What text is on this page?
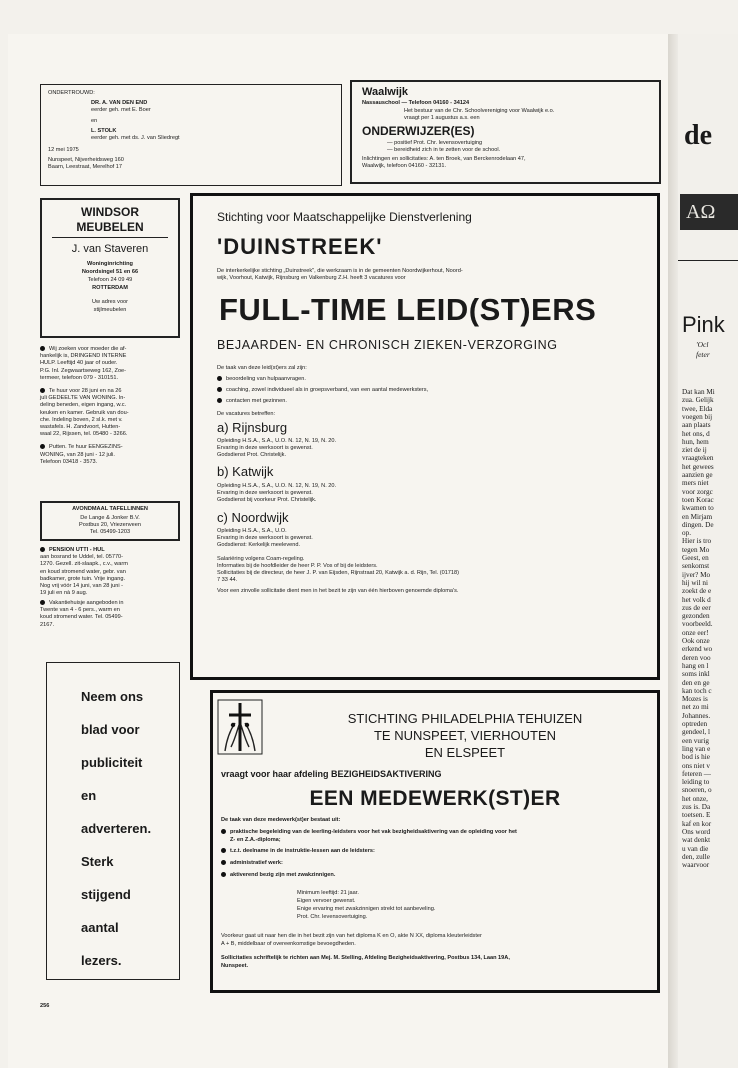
ONDERTROUWD:
DR. A. VAN DEN END
eerder geh. met E. Boer
en
L. STOLK
eerder geh. met ds. J. van Sliedregt
12 mei 1975
Nunspeet, Nijverheidsweg 160
Baarn, Leestraat, Merelhof 17
Waalwijk
Nassauschool — Telefoon 04160 - 34124
Het bestuur van de Chr. Schoolvereniging voor Waalwijk e.o.
vraagt per 1 augustus a.s. een
ONDERWIJZER(ES)
— positief Prot. Chr. levensovertuiging
— bereidheid zich in te zetten voor de school.
Inlichtingen en sollicitaties: A. ten Broek, van Berckenrodelaan 47,
Waalwijk, telefoon 04160 - 32131.
WINDSOR
MEUBELEN
J. van Staveren
Woninginrichting
Noordsingel 51 en 66
Telefoon 24 09 49
ROTTERDAM
Uw adres voor
stijlmeubelen
Wij zoeken voor moeder die af-
hankelijk is, DRINGEND INTERNE
HULP. Leeftijd 40 jaar of ouder.
P.G. Inl. Zegwaartseweg 162, Zoe-
termeer, telefoon 079 - 310151.
Te huur voor 28 juni en na 26
juli GEDEELTE VAN WONING. In-
deling beneden, eigen ingang, w.c.
keuken en kamer. Gebruik van dou-
che. Indeling boven, 2 sl.k. met v.
wastafels. H. Zandvoort, Hutten-
waal 22, Rijssen, tel. 05480 - 3266.
Putten. Te huur EENGEZINS-
WONING, van 28 juni - 12 juli.
Telefoon 03418 - 3573.
AVONDMAAL TAFELLINNEN
De Lange & Jonker B.V.
Postbus 20, Vriezenveen
Tel. 05499-1203
PENSION UTTI - HUL
aan bosrand te Uddel, tel. 05770-
1270. Gezell. zit-slaapk., c.v., warm
en koud stromend water, gebr. van
badkamer, grote tuin. Vrije ingang.
Nog vrij vóór 14 juni, van 28 juni -
19 juli en nà 9 aug.
Vakantiehuisje aangeboden in
Twente van 4 - 6 pers., warm en
koud stromend water. Tel. 05499-
2167.
Neem ons
blad voor
publiciteit
en
adverteren.
Sterk
stijgend
aantal
lezers.
Stichting voor Maatschappelijke Dienstverlening
'DUINSTREEK'
De interkerkelijke stichting „Duinstreek", die werkzaam is in de gemeenten Noordwijkerhout, Noord-
wijk, Voorhout, Katwijk, Rijnsburg en Valkenburg Z.H. heeft 3 vacatures voor
FULL-TIME LEID(ST)ERS
BEJAARDEN- EN CHRONISCH ZIEKEN-VERZORGING
De taak van deze leid(st)ers zal zijn:
beoordeling van hulpaanvragen.
coaching, zowel individueel als in groepsverband, van een aantal medewerksters,
contacten met gezinnen.
De vacatures betreffen:
a) Rijnsburg
Opleiding H.S.A., S.A., U.O. N. 12, N. 19, N. 20.
Ervaring in deze werksoort is gewenst.
Godsdienst Prot. Christelijk.
b) Katwijk
Opleiding H.S.A., S.A., U.O. N. 12, N. 19, N. 20.
Ervaring in deze werksoort is gewenst.
Godsdienst bij voorkeur Prot. Christelijk.
c) Noordwijk
Opleiding H.S.A., S.A., U.O.
Ervaring in deze werksoort is gewenst.
Godsdienst: Kerkelijk meelevend.
Salariëring volgens Coam-regeling.
Informaties bij de hoofdleider de heer P. P. Vos of bij de leidsters.
Sollicitaties bij de directeur, de heer J. P. van Eijsden, Rijnstraat 20, Katwijk a. d. Rijn, Tel. (01718)
7 33 44.
Voor een zinvolle sollicitatie dient men in het bezit te zijn van één hierboven genoemde diploma's.
STICHTING PHILADELPHIA TEHUIZEN
TE NUNSPEET, VIERHOUTEN
EN ELSPEET
vraagt voor haar afdeling BEZIGHEIDSAKTIVERING
EEN MEDEWERK(ST)ER
De taak van deze medewerk(st)er bestaat uit:
praktische begeleiding van de leerling-leidsters voor het vak bezigheidsaktivering van de opleiding voor het
Z- en Z.A.-diploma;
t.z.t. deelname in de instruktie-lessen aan de leidsters:
administratief werk:
aktiverend bezig zijn met zwakzinnigen.
Minimum leeftijd: 21 jaar.
Eigen vervoer gewenst.
Enige ervaring met zwakzinnigen strekt tot aanbeveling.
Prot. Chr. levensovertuiging.
Voorkeur gaat uit naar hen die in het bezit zijn van het diploma K en O, akte N XX, diploma kleuterleidster
A + B, middelbaar of overeenkomstige bevoegdheden.
Sollicitaties schriftelijk te richten aan Mej. M. Stelling, Afdeling Bezigheidsaktivering, Postbus 134, Laan 19A,
Nunspeet.
256
de
ΑΩ
Pink
'Ocl
feter
Dat kan Mi
zua. Gelijk
twee, Elda
voegen bij
aan plaats
het ons, d
hun, hem
ziet de ij
vraagteken
het gewees
aanzien ge
mers niet
voor zorgc
toen Korac
kwamen to
en Mirjam
dingen. De
op.
Hier is tro
tegen Mo
Geest, en
senkomst
ijver? Mo
hij wil ni
zoekt de e
het volk d
zus de eer
gezonden
voorbeeld.
onze eer!
Ook onze
erkend wo
deren voo
hang en l
soms inkl
den en ge
kan toch c
Mozes is
net zo mi
Johannes.
optreden
gendeel, l
een vurig
ling van e
bod is hie
ons niet v
feteren —
leiding to
snoeren, o
het onze,
zus is. Da
toetsen. E
kaf en kor
Ons word
wat denkt
u van die
den, zulle
waarvoor
